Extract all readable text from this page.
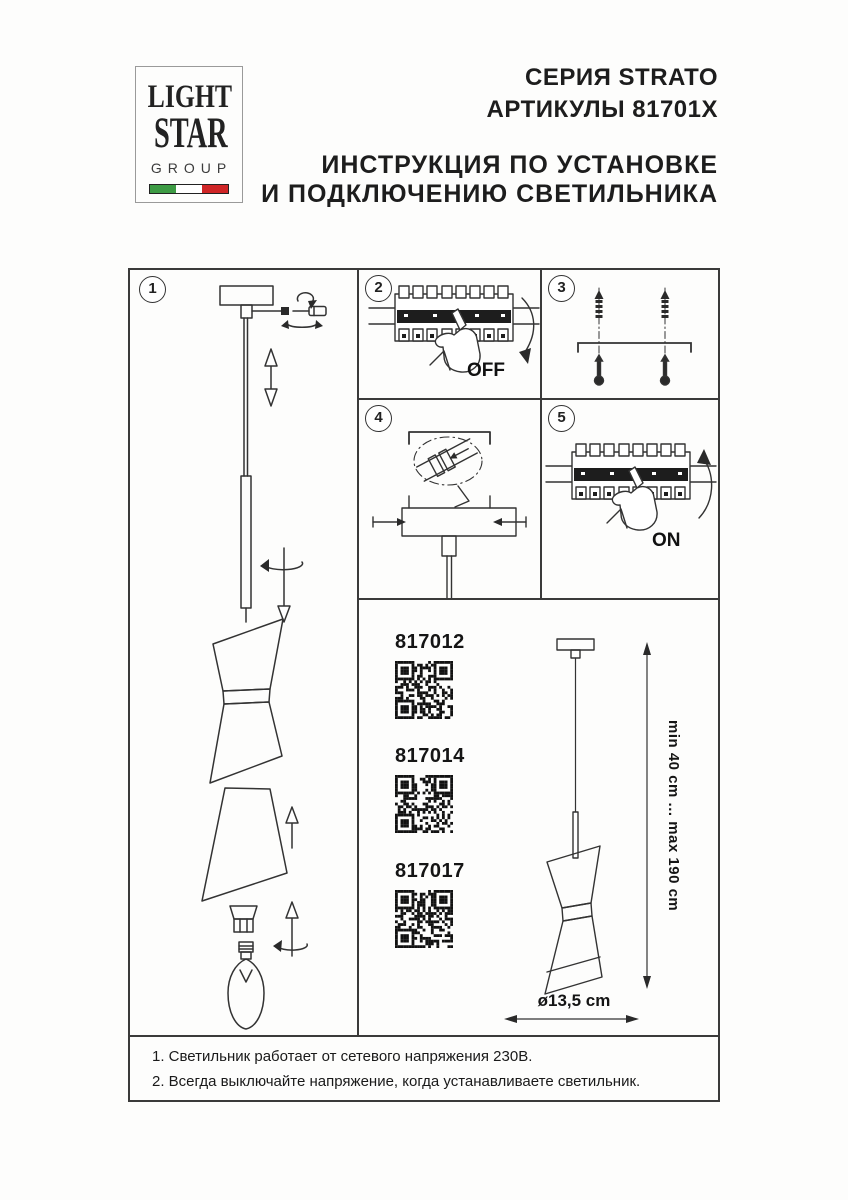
LIGHT
STAR
GROUP
СЕРИЯ STRATO
АРТИКУЛЫ 81701X
ИНСТРУКЦИЯ ПО УСТАНОВКЕ
И ПОДКЛЮЧЕНИЮ СВЕТИЛЬНИКА
1	2
OFF
3
4	5
ON
817012
817014
817017	min 40 cm ... max 190 cm
ø13,5 cm
1. Светильник работает от сетевого напряжения 230В.
2. Всегда выключайте напряжение, когда устанавливаете светильник.
